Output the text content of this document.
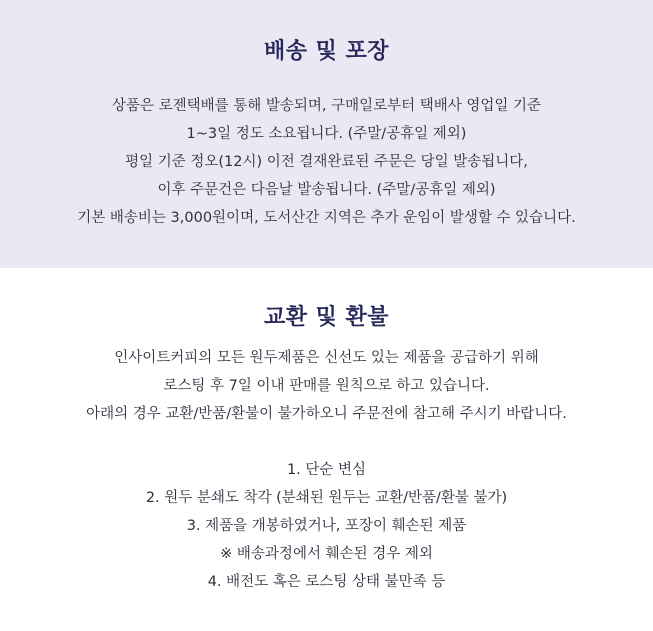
배송 및 포장

상품은 로젠택배를 통해 발송되며, 구매일로부터 택배사 영업일 기준

1~3일 정도 소요됩니다. (주말/공휴일 제외)

평일 기준 정오(12시) 이전 결재완료된 주문은 당일 발송됩니다,

이후 주문건은 다음날 발송됩니다. (주말/공휴일 제외)

기본 배송비는 3,000원이며, 도서산간 지역은 추가 운임이 발생할 수 있습니다.

교환 및 환불

인사이트커피의 모든 원두제품은 신선도 있는 제품을 공급하기 위해

로스팅 후 7일 이내 판매를 원칙으로 하고 있습니다.

아래의 경우 교환/반품/환불이 불가하오니 주문전에 참고해 주시기 바랍니다.

1. 단순 변심

2. 원두 분쇄도 착각 (분쇄된 원두는 교환/반품/환불 불가)

3. 제품을 개봉하였거나, 포장이 훼손된 제품

※ 배송과정에서 훼손된 경우 제외

4. 배전도 혹은 로스팅 상태 불만족 등
